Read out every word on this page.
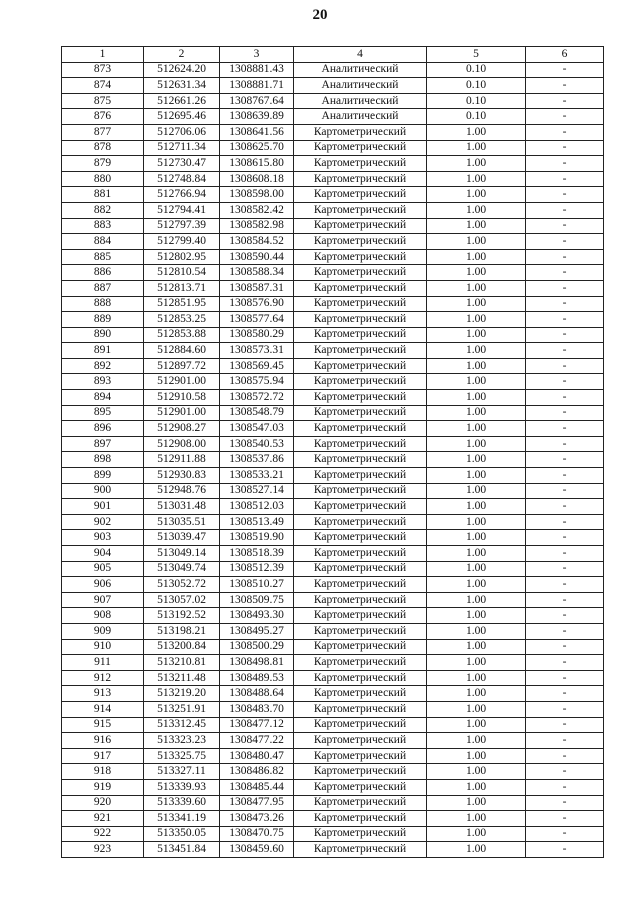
20
1	2	3	4	5	6
873	512624.20	1308881.43	Аналитический	0.10	-
874	512631.34	1308881.71	Аналитический	0.10	-
875	512661.26	1308767.64	Аналитический	0.10	-
876	512695.46	1308639.89	Аналитический	0.10	-
877	512706.06	1308641.56	Картометрический	1.00	-
878	512711.34	1308625.70	Картометрический	1.00	-
879	512730.47	1308615.80	Картометрический	1.00	-
880	512748.84	1308608.18	Картометрический	1.00	-
881	512766.94	1308598.00	Картометрический	1.00	-
882	512794.41	1308582.42	Картометрический	1.00	-
883	512797.39	1308582.98	Картометрический	1.00	-
884	512799.40	1308584.52	Картометрический	1.00	-
885	512802.95	1308590.44	Картометрический	1.00	-
886	512810.54	1308588.34	Картометрический	1.00	-
887	512813.71	1308587.31	Картометрический	1.00	-
888	512851.95	1308576.90	Картометрический	1.00	-
889	512853.25	1308577.64	Картометрический	1.00	-
890	512853.88	1308580.29	Картометрический	1.00	-
891	512884.60	1308573.31	Картометрический	1.00	-
892	512897.72	1308569.45	Картометрический	1.00	-
893	512901.00	1308575.94	Картометрический	1.00	-
894	512910.58	1308572.72	Картометрический	1.00	-
895	512901.00	1308548.79	Картометрический	1.00	-
896	512908.27	1308547.03	Картометрический	1.00	-
897	512908.00	1308540.53	Картометрический	1.00	-
898	512911.88	1308537.86	Картометрический	1.00	-
899	512930.83	1308533.21	Картометрический	1.00	-
900	512948.76	1308527.14	Картометрический	1.00	-
901	513031.48	1308512.03	Картометрический	1.00	-
902	513035.51	1308513.49	Картометрический	1.00	-
903	513039.47	1308519.90	Картометрический	1.00	-
904	513049.14	1308518.39	Картометрический	1.00	-
905	513049.74	1308512.39	Картометрический	1.00	-
906	513052.72	1308510.27	Картометрический	1.00	-
907	513057.02	1308509.75	Картометрический	1.00	-
908	513192.52	1308493.30	Картометрический	1.00	-
909	513198.21	1308495.27	Картометрический	1.00	-
910	513200.84	1308500.29	Картометрический	1.00	-
911	513210.81	1308498.81	Картометрический	1.00	-
912	513211.48	1308489.53	Картометрический	1.00	-
913	513219.20	1308488.64	Картометрический	1.00	-
914	513251.91	1308483.70	Картометрический	1.00	-
915	513312.45	1308477.12	Картометрический	1.00	-
916	513323.23	1308477.22	Картометрический	1.00	-
917	513325.75	1308480.47	Картометрический	1.00	-
918	513327.11	1308486.82	Картометрический	1.00	-
919	513339.93	1308485.44	Картометрический	1.00	-
920	513339.60	1308477.95	Картометрический	1.00	-
921	513341.19	1308473.26	Картометрический	1.00	-
922	513350.05	1308470.75	Картометрический	1.00	-
923	513451.84	1308459.60	Картометрический	1.00	-
